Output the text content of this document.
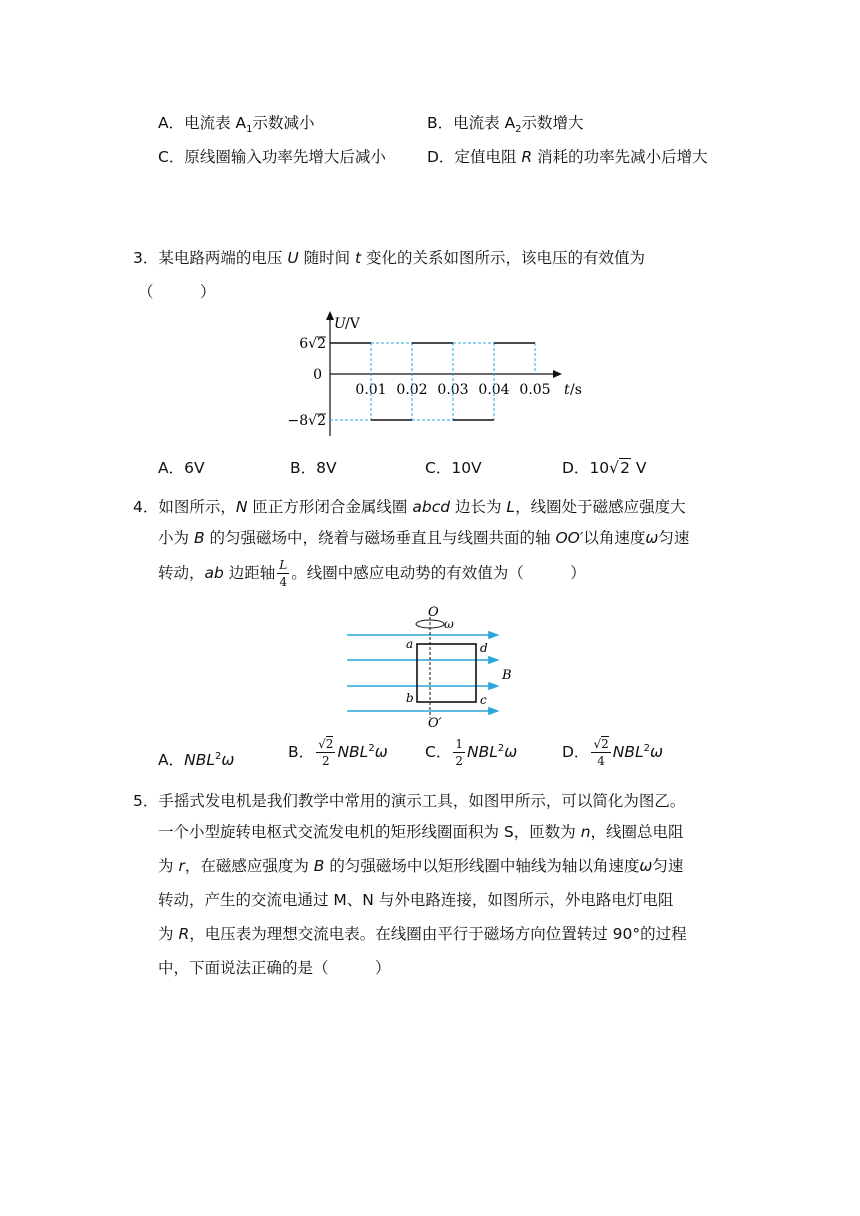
A．电流表 $A_1$示数减小	B．电流表 $A_2$示数增大
C．原线圈输入功率先增大后减小	D．定值电阻 R 消耗的功率先减小后增大
3．某电路两端的电压 U 随时间 t 变化的关系如图所示，该电压的有效值为
（　　　）
U /V
t /s
0
0.01 0.02 0.03 0.04 0.05
6√2
−8√2
A．6V	B．8V	C．10V	D．10√2 V
4．如图所示，N 匝正方形闭合金属线圈 abcd 边长为 L，线圈处于磁感应强度大
小为 B 的匀强磁场中，绕着与磁场垂直且与线圈共面的轴 OO′以角速度ω匀速
转动，ab 边距轴 $\frac{L}{4}$ 。线圈中感应电动势的有效值为（　　　）
O
ω
O′
a	d
b	c
B
A．NBL$^2$ω	B． $\frac{√2}{2} NBL^2\omega$ C． $\frac{1}{2} NBL^2\omega$	D． $\frac{√2}{4} NBL^2\omega$
5．手摇式发电机是我们教学中常用的演示工具，如图甲所示，可以简化为图乙。
一个小型旋转电枢式交流发电机的矩形线圈面积为 S，匝数为 n，线圈总电阻
为 r，在磁感应强度为 B 的匀强磁场中以矩形线圈中轴线为轴以角速度ω匀速
转动，产生的交流电通过 M、N 与外电路连接，如图所示，外电路电灯电阻
为 R，电压表为理想交流电表。在线圈由平行于磁场方向位置转过 90°的过程
中，下面说法正确的是（　　　）
